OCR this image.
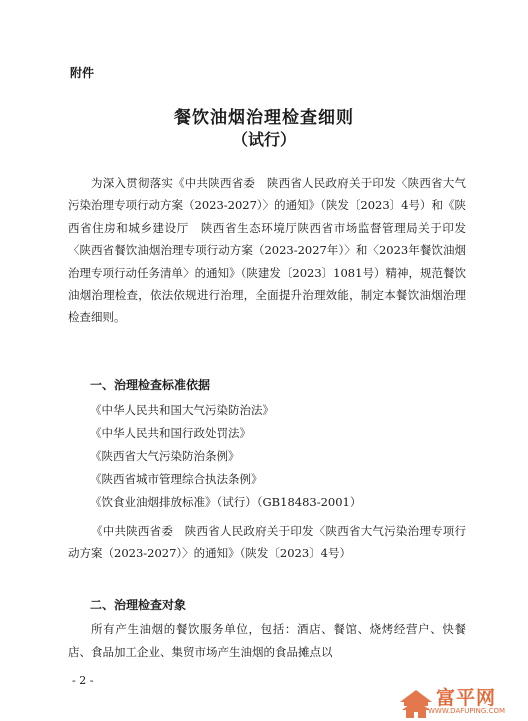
附件
餐饮油烟治理检查细则
（试行）

为深入贯彻落实《中共陕西省委　陕西省人民政府关于印发〈陕西省大气污染治理专项行动方案（2023-2027）〉的通知》（陕发〔2023〕4号）和《陕西省住房和城乡建设厅　陕西省生态环境厅陕西省市场监督管理局关于印发〈陕西省餐饮油烟治理专项行动方案（2023-2027年）〉和〈2023年餐饮油烟治理专项行动任务清单〉的通知》（陕建发〔2023〕1081号）精神，规范餐饮油烟治理检查，依法依规进行治理，全面提升治理效能，制定本餐饮油烟治理检查细则。

一、治理检查标准依据
《中华人民共和国大气污染防治法》
《中华人民共和国行政处罚法》
《陕西省大气污染防治条例》
《陕西省城市管理综合执法条例》
《饮食业油烟排放标准》（试行）（GB18483-2001）

《中共陕西省委　陕西省人民政府关于印发〈陕西省大气污染治理专项行动方案（2023-2027）〉的通知》（陕发〔2023〕4号）

二、治理检查对象

所有产生油烟的餐饮服务单位，包括：酒店、餐馆、烧烤经营户、快餐店、食品加工企业、集贸市场产生油烟的食品摊点以

- 2 -
富平网
WWW.DAFUPING.COM
